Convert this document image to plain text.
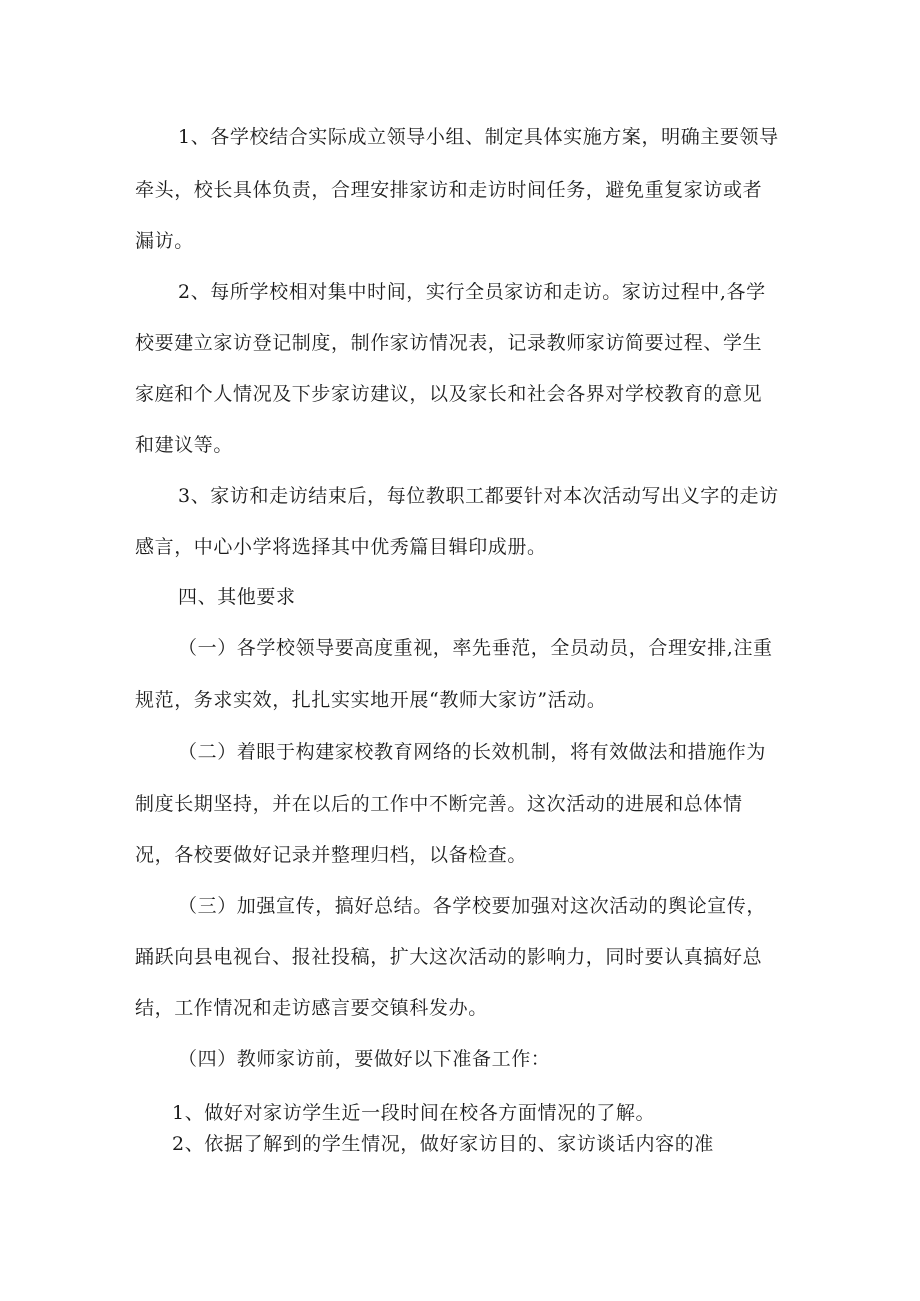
1、各学校结合实际成立领导小组、制定具体实施方案，明确主要领导
牵头，校长具体负责，合理安排家访和走访时间任务，避免重复家访或者
漏访。
2、每所学校相对集中时间，实行全员家访和走访。家访过程中,各学
校要建立家访登记制度，制作家访情况表，记录教师家访简要过程、学生
家庭和个人情况及下步家访建议，以及家长和社会各界对学校教育的意见
和建议等。
3、家访和走访结束后，每位教职工都要针对本次活动写出义字的走访
感言，中心小学将选择其中优秀篇目辑印成册。
四、其他要求
（一）各学校领导要高度重视，率先垂范，全员动员，合理安排,注重
规范，务求实效，扎扎实实地开展“教师大家访”活动。
（二）着眼于构建家校教育网络的长效机制，将有效做法和措施作为
制度长期坚持，并在以后的工作中不断完善。这次活动的进展和总体情
况，各校要做好记录并整理归档，以备检查。
（三）加强宣传，搞好总结。各学校要加强对这次活动的舆论宣传，
踊跃向县电视台、报社投稿，扩大这次活动的影响力，同时要认真搞好总
结，工作情况和走访感言要交镇科发办。
（四）教师家访前，要做好以下准备工作：
1、做好对家访学生近一段时间在校各方面情况的了解。
2、依据了解到的学生情况，做好家访目的、家访谈话内容的准
